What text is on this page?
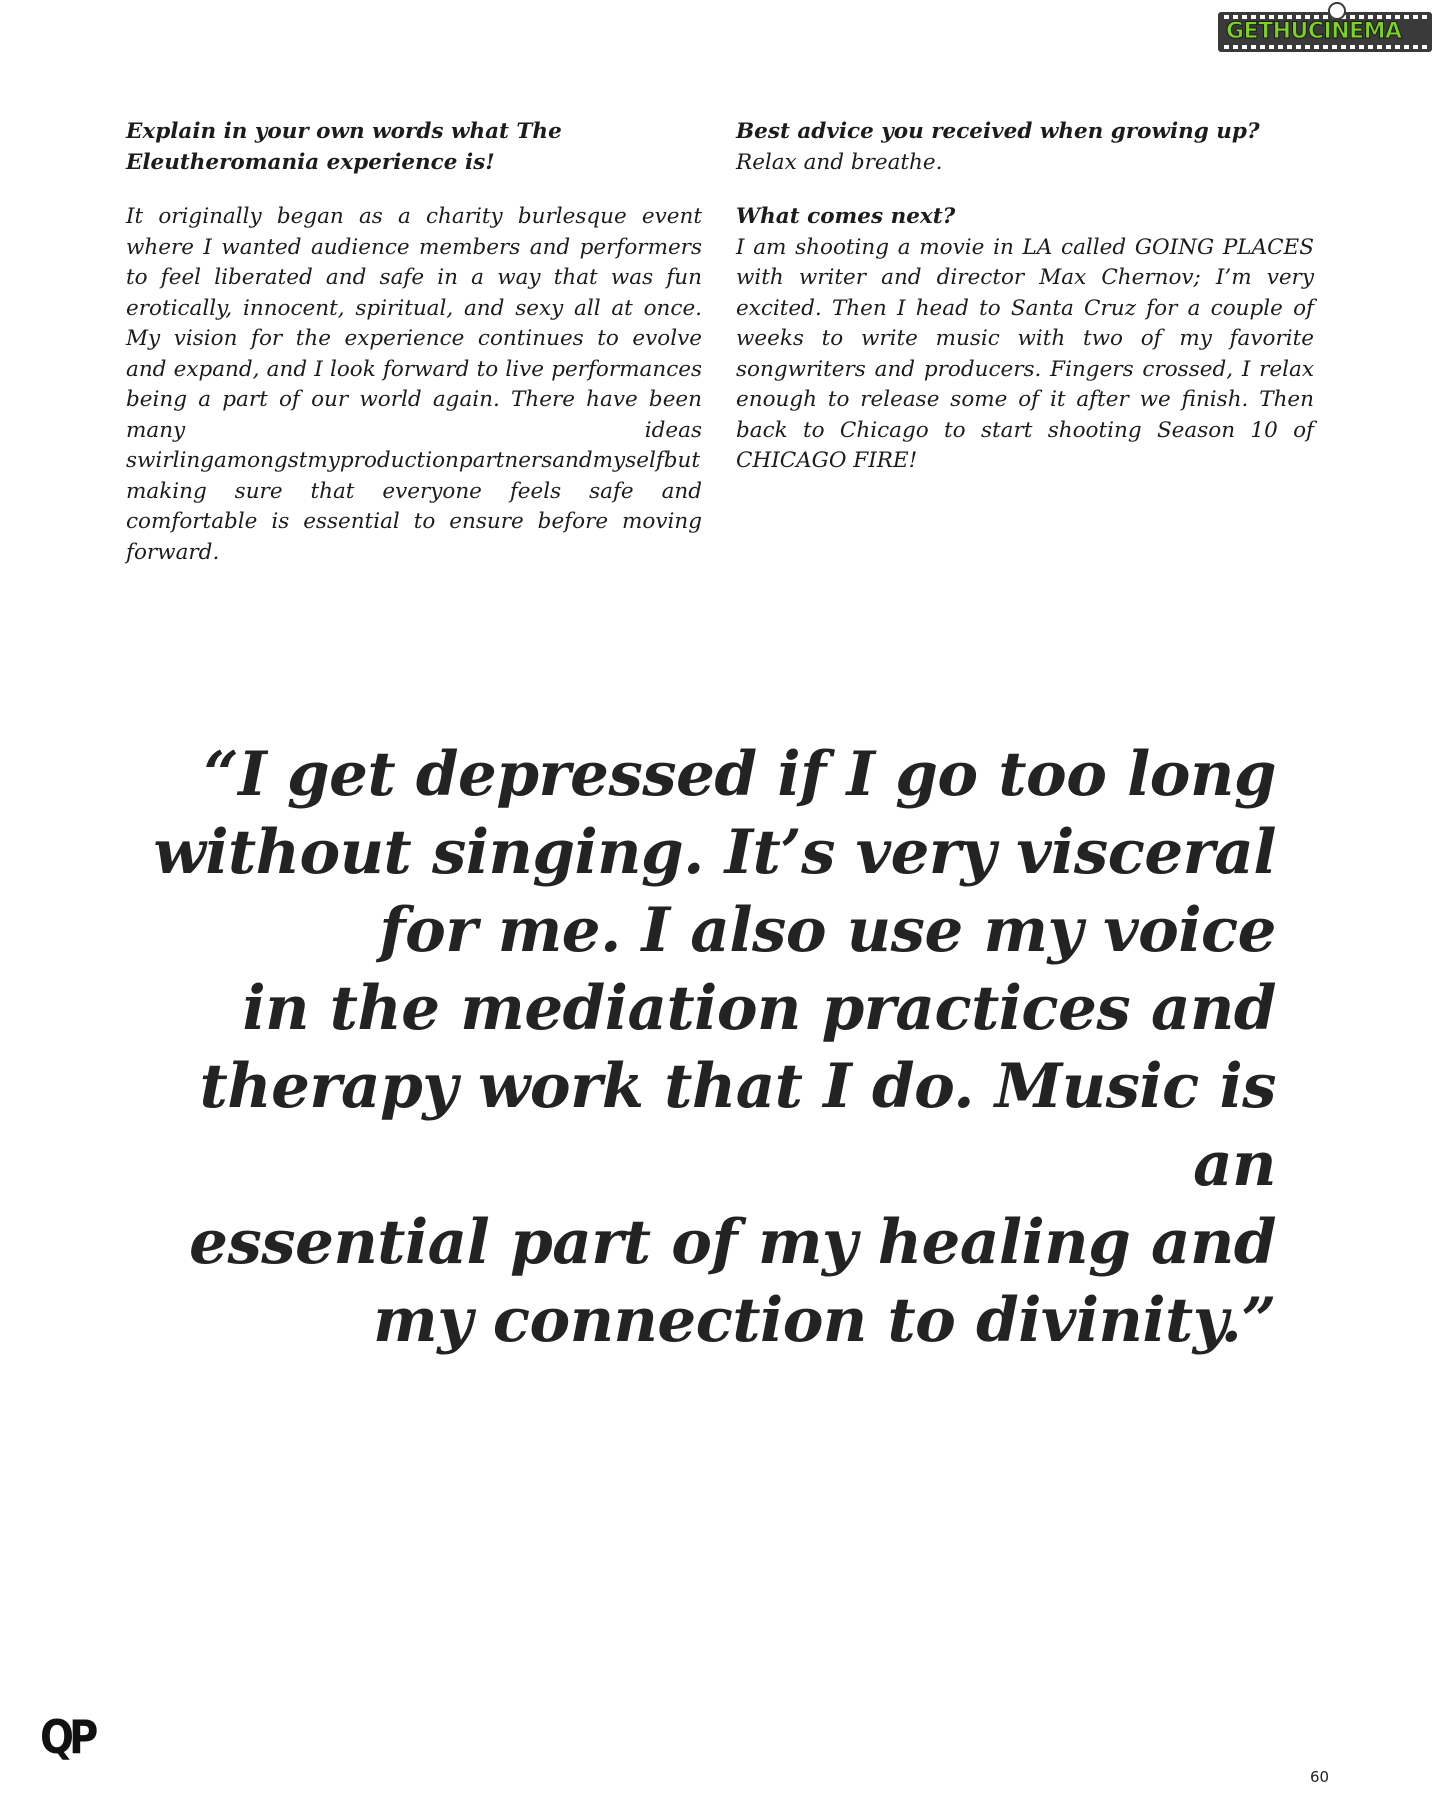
GETHUCINEMA

Explain in your own words what The Eleutheromania experience is!

It originally began as a charity burlesque event where I wanted audience members and performers to feel liberated and safe in a way that was fun erotically, innocent, spiritual, and sexy all at once. My vision for the experience continues to evolve and expand, and I look forward to live performances being a part of our world again. There have been many ideas swirlingamongstmyproductionpartnersandmyselfbut making sure that everyone feels safe and comfortable is essential to ensure before moving forward.

Best advice you received when growing up?

Relax and breathe.

What comes next?

I am shooting a movie in LA called GOING PLACES with writer and director Max Chernov; I’m very excited. Then I head to Santa Cruz for a couple of weeks to write music with two of my favorite songwriters and producers. Fingers crossed, I relax enough to release some of it after we finish. Then back to Chicago to start shooting Season 10 of CHICAGO FIRE!

“I get depressed if I go too long
without singing. It’s very visceral
for me. I also use my voice
in the mediation practices and
therapy work that I do. Music is an
essential part of my healing and
my connection to divinity.”
QP
60
